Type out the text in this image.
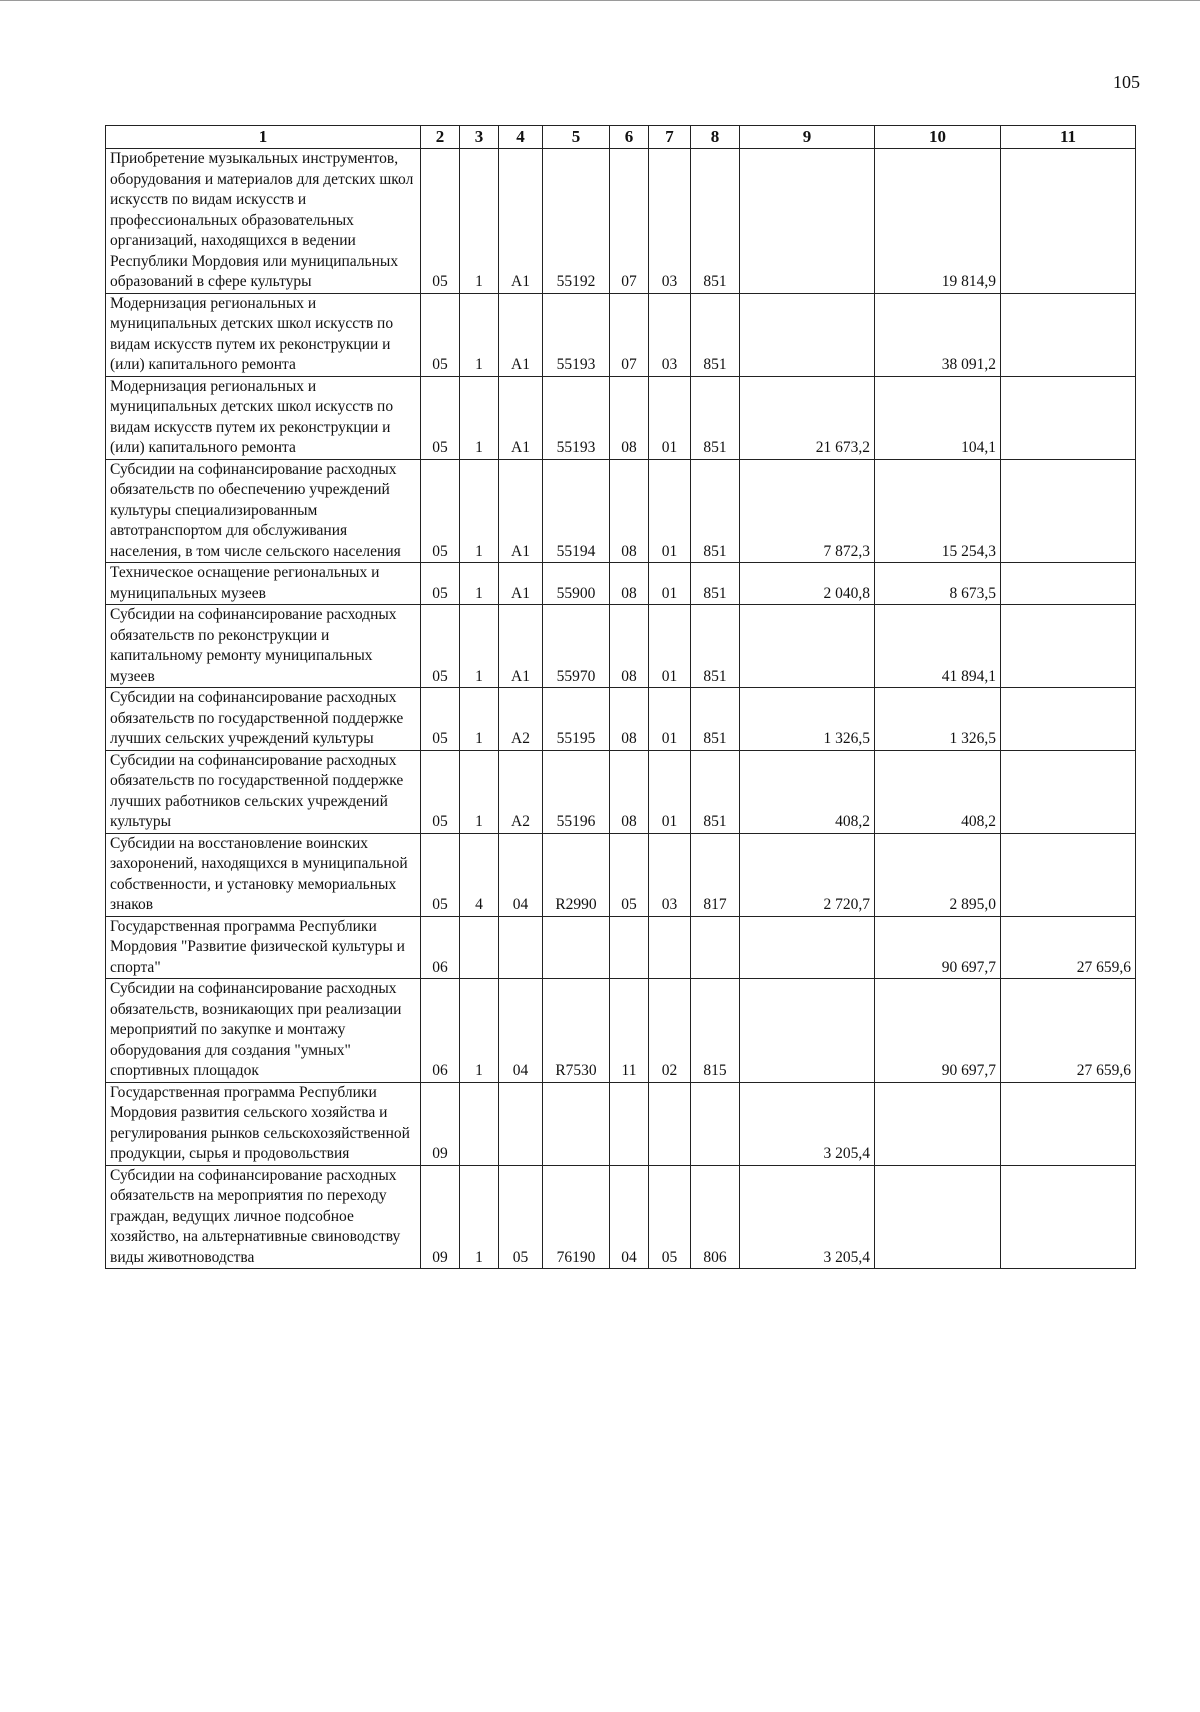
105
1	2	3	4	5	6	7	8	9	10	11
Приобретение музыкальных инструментов, оборудования и материалов для детских школ искусств по видам искусств и профессиональных образовательных организаций, находящихся в ведении Республики Мордовия или муниципальных образований в сфере культуры	05	1	А1	55192	07	03	851		19 814,9	
Модернизация региональных и муниципальных детских школ искусств по видам искусств путем их реконструкции и (или) капитального ремонта	05	1	А1	55193	07	03	851		38 091,2	
Модернизация региональных и муниципальных детских школ искусств по видам искусств путем их реконструкции и (или) капитального ремонта	05	1	А1	55193	08	01	851	21 673,2	104,1	
Субсидии на софинансирование расходных обязательств по обеспечению учреждений культуры специализированным автотранспортом для обслуживания населения, в том числе сельского населения	05	1	А1	55194	08	01	851	7 872,3	15 254,3	
Техническое оснащение региональных и муниципальных музеев	05	1	А1	55900	08	01	851	2 040,8	8 673,5	
Субсидии на софинансирование расходных обязательств по реконструкции и капитальному ремонту муниципальных музеев	05	1	А1	55970	08	01	851		41 894,1	
Субсидии на софинансирование расходных обязательств по государственной поддержке лучших сельских учреждений культуры	05	1	А2	55195	08	01	851	1 326,5	1 326,5	
Субсидии на софинансирование расходных обязательств по государственной поддержке лучших работников сельских учреждений культуры	05	1	А2	55196	08	01	851	408,2	408,2	
Субсидии на восстановление воинских захоронений, находящихся в муниципальной собственности, и установку мемориальных знаков	05	4	04	R2990	05	03	817	2 720,7	2 895,0	
Государственная программа Республики Мордовия "Развитие физической культуры и спорта"	06								90 697,7	27 659,6
Субсидии на софинансирование расходных обязательств, возникающих при реализации мероприятий по закупке и монтажу оборудования для создания "умных" спортивных площадок	06	1	04	R7530	11	02	815		90 697,7	27 659,6
Государственная программа Республики Мордовия развития сельского хозяйства и регулирования рынков сельскохозяйственной продукции, сырья и продовольствия	09							3 205,4		
Субсидии на софинансирование расходных обязательств на мероприятия по переходу граждан, ведущих личное подсобное хозяйство, на альтернативные свиноводству виды животноводства	09	1	05	76190	04	05	806	3 205,4		
